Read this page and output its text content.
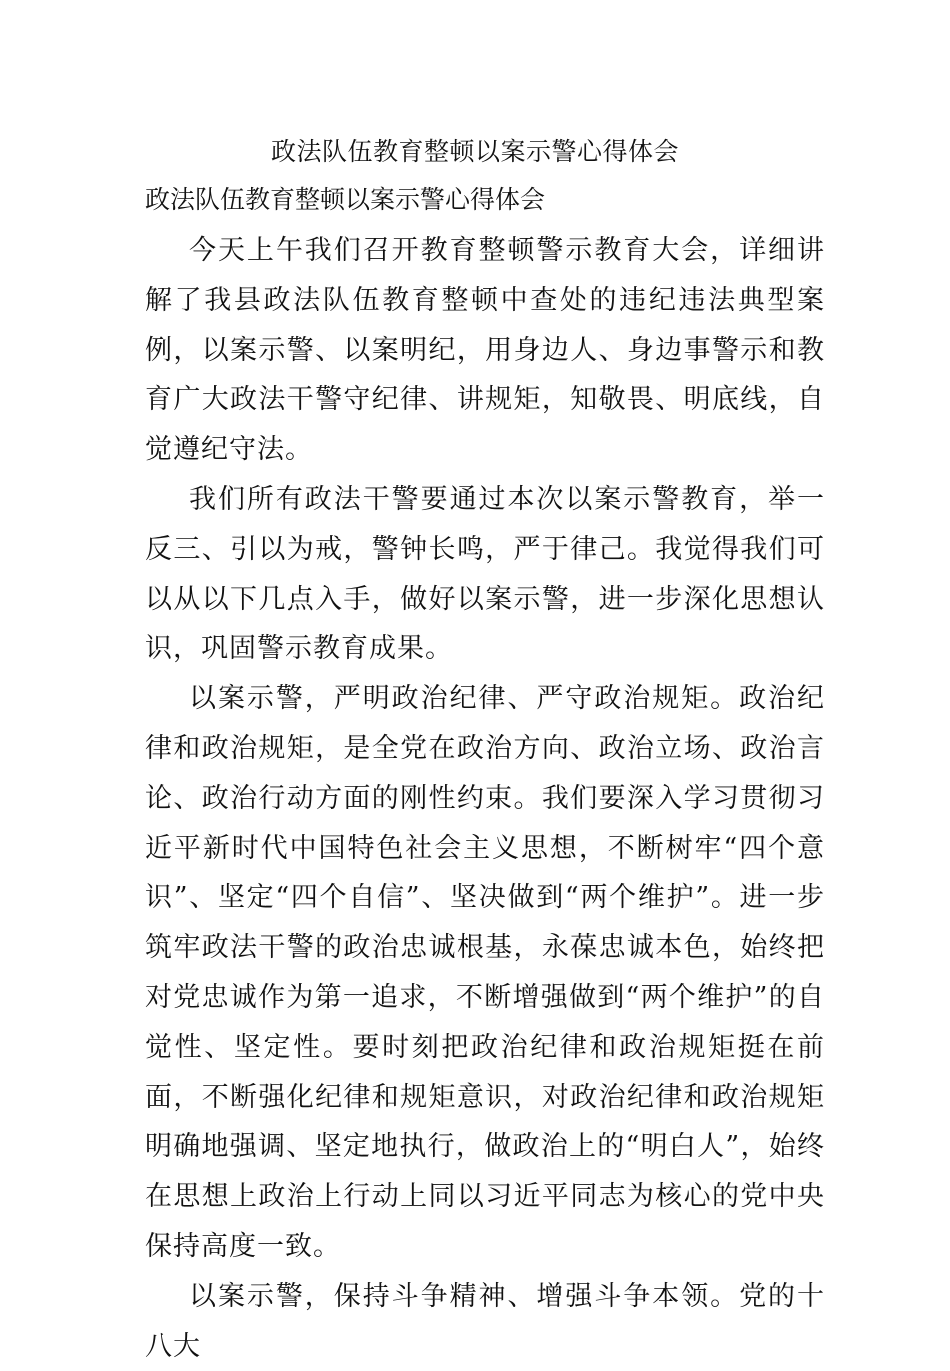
政法队伍教育整顿以案示警心得体会
政法队伍教育整顿以案示警心得体会

今天上午我们召开教育整顿警示教育大会，详细讲解了我县政法队伍教育整顿中查处的违纪违法典型案例，以案示警、以案明纪，用身边人、身边事警示和教育广大政法干警守纪律、讲规矩，知敬畏、明底线，自觉遵纪守法。

我们所有政法干警要通过本次以案示警教育，举一反三、引以为戒，警钟长鸣，严于律己。我觉得我们可以从以下几点入手，做好以案示警，进一步深化思想认识，巩固警示教育成果。

以案示警，严明政治纪律、严守政治规矩。政治纪律和政治规矩，是全党在政治方向、政治立场、政治言论、政治行动方面的刚性约束。我们要深入学习贯彻习近平新时代中国特色社会主义思想，不断树牢“四个意识”、坚定“四个自信”、坚决做到“两个维护”。进一步筑牢政法干警的政治忠诚根基，永葆忠诚本色，始终把对党忠诚作为第一追求，不断增强做到“两个维护”的自觉性、坚定性。要时刻把政治纪律和政治规矩挺在前面，不断强化纪律和规矩意识，对政治纪律和政治规矩明确地强调、坚定地执行，做政治上的“明白人”，始终在思想上政治上行动上同以习近平同志为核心的党中央保持高度一致。

以案示警，保持斗争精神、增强斗争本领。党的十八大
